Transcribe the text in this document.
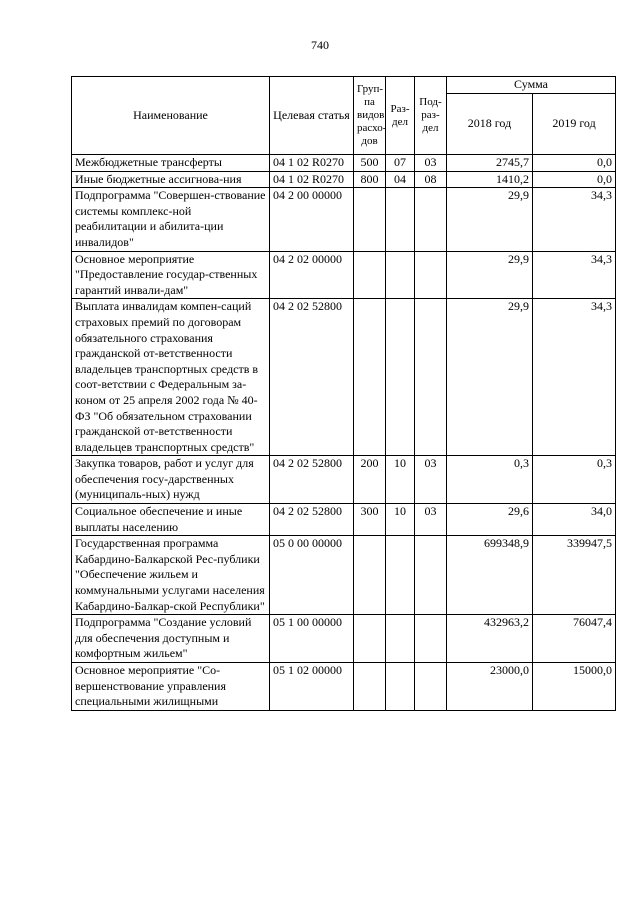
740
Наименование	Целевая статья	Груп-па видов расхо-дов	Раз-дел	Под-раз-дел	Сумма	
					2018 год	2019 год
Межбюджетные трансферты	04 1 02 R0270	500	07	03	2745,7	0,0
Иные бюджетные ассигнова-ния	04 1 02 R0270	800	04	08	1410,2	0,0
Подпрограмма "Совершен-ствование системы комплекс-ной реабилитации и абилита-ции инвалидов"	04 2 00 00000				29,9	34,3
Основное мероприятие "Предоставление государ-ственных гарантий инвали-дам"	04 2 02 00000				29,9	34,3
Выплата инвалидам компен-саций страховых премий по договорам обязательного страхования гражданской от-ветственности владельцев транспортных средств в соот-ветствии с Федеральным за-коном от 25 апреля 2002 года № 40-ФЗ "Об обязательном страховании гражданской от-ветственности владельцев транспортных средств"	04 2 02 52800				29,9	34,3
Закупка товаров, работ и услуг для обеспечения госу-дарственных (муниципаль-ных) нужд	04 2 02 52800	200	10	03	0,3	0,3
Социальное обеспечение и иные выплаты населению	04 2 02 52800	300	10	03	29,6	34,0
Государственная программа Кабардино-Балкарской Рес-публики "Обеспечение жильем и коммунальными услугами населения Кабардино-Балкар-ской Республики"	05 0 00 00000				699348,9	339947,5
Подпрограмма "Создание условий для обеспечения доступным и комфортным жильем"	05 1 00 00000				432963,2	76047,4
Основное мероприятие "Со-вершенствование управления специальными жилищными	05 1 02 00000				23000,0	15000,0
